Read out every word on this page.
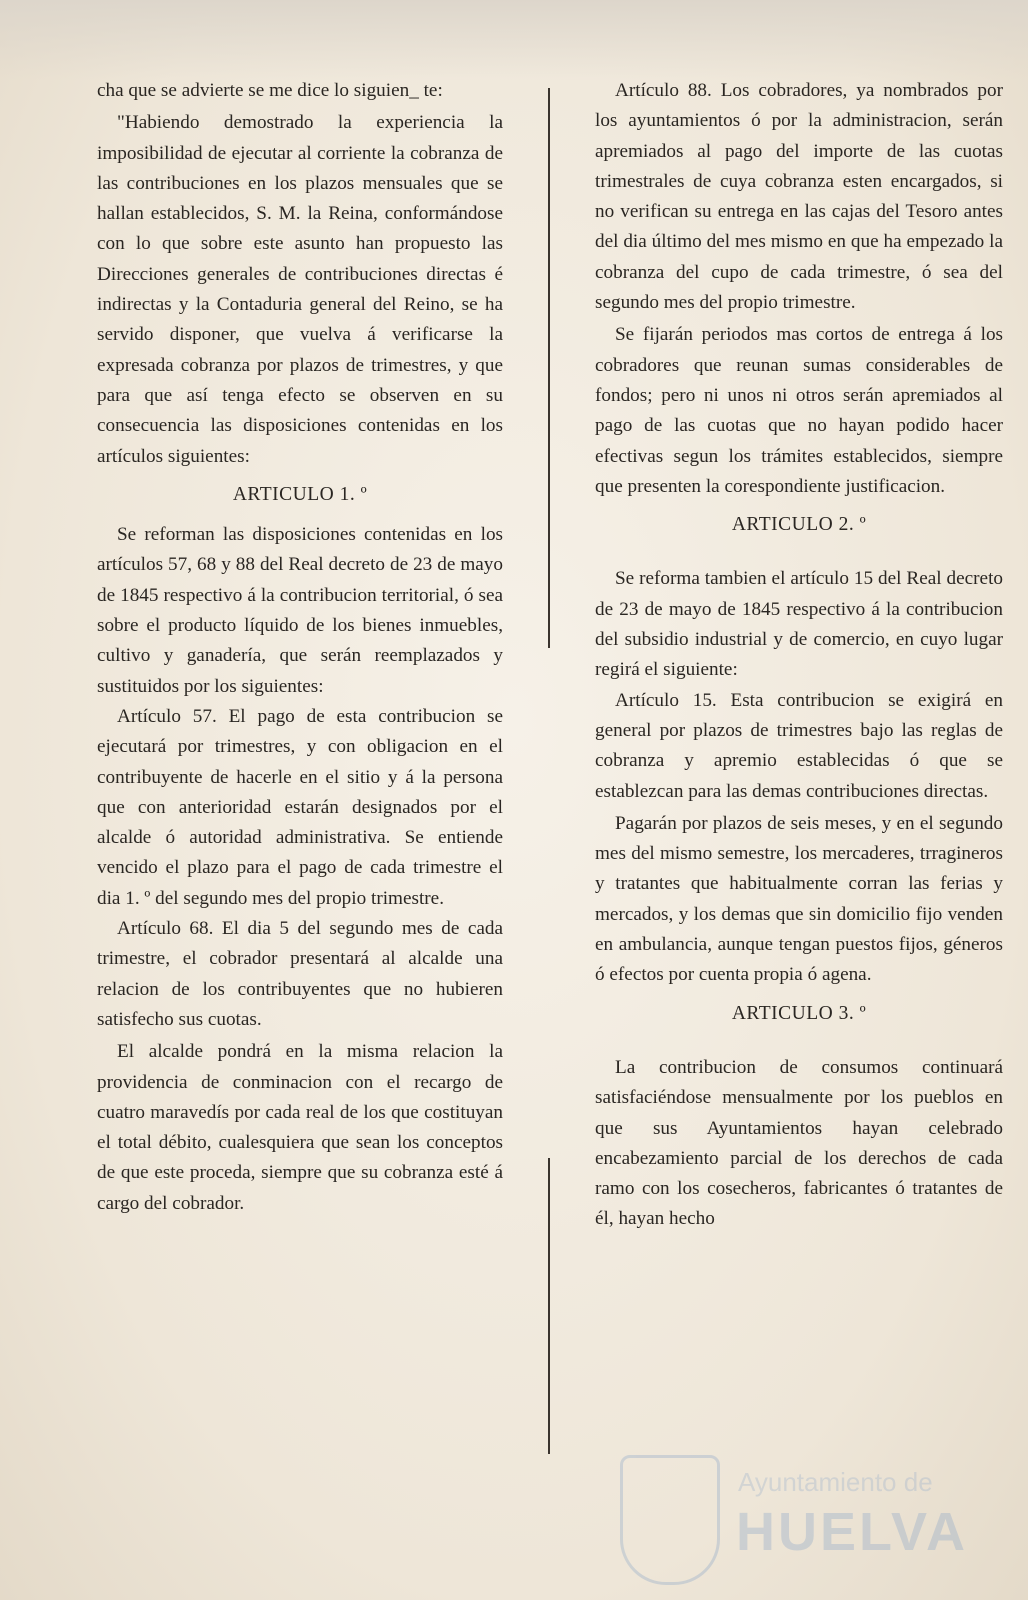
cha que se advierte se me dice lo siguien_ te:

"Habiendo demostrado la experiencia la imposibilidad de ejecutar al corriente la cobranza de las contribuciones en los plazos mensuales que se hallan establecidos, S. M. la Reina, conformándose con lo que sobre este asunto han propuesto las Direcciones generales de contribuciones directas é indirectas y la Contaduria general del Reino, se ha servido disponer, que vuelva á verificarse la expresada cobranza por plazos de trimestres, y que para que así tenga efecto se observen en su consecuencia las disposiciones contenidas en los artículos siguientes:

ARTICULO 1. º

Se reforman las disposiciones contenidas en los artículos 57, 68 y 88 del Real decreto de 23 de mayo de 1845 respectivo á la contribucion territorial, ó sea sobre el producto líquido de los bienes inmuebles, cultivo y ganadería, que serán reemplazados y sustituidos por los siguientes:

Artículo 57. El pago de esta contribucion se ejecutará por trimestres, y con obligacion en el contribuyente de hacerle en el sitio y á la persona que con anterioridad estarán designados por el alcalde ó autoridad administrativa. Se entiende vencido el plazo para el pago de cada trimestre el dia 1. º del segundo mes del propio trimestre.

Artículo 68. El dia 5 del segundo mes de cada trimestre, el cobrador presentará al alcalde una relacion de los contribuyentes que no hubieren satisfecho sus cuotas.

El alcalde pondrá en la misma relacion la providencia de conminacion con el recargo de cuatro maravedís por cada real de los que costituyan el total débito, cualesquiera que sean los conceptos de que este proceda, siempre que su cobranza esté á cargo del cobrador.

Artículo 88. Los cobradores, ya nombrados por los ayuntamientos ó por la administracion, serán apremiados al pago del importe de las cuotas trimestrales de cuya cobranza esten encargados, si no verifican su entrega en las cajas del Tesoro antes del dia último del mes mismo en que ha empezado la cobranza del cupo de cada trimestre, ó sea del segundo mes del propio trimestre.

Se fijarán periodos mas cortos de entrega á los cobradores que reunan sumas considerables de fondos; pero ni unos ni otros serán apremiados al pago de las cuotas que no hayan podido hacer efectivas segun los trámites establecidos, siempre que presenten la corespondiente justificacion.

ARTICULO 2. º

Se reforma tambien el artículo 15 del Real decreto de 23 de mayo de 1845 respectivo á la contribucion del subsidio industrial y de comercio, en cuyo lugar regirá el siguiente:

Artículo 15. Esta contribucion se exigirá en general por plazos de trimestres bajo las reglas de cobranza y apremio establecidas ó que se establezcan para las demas contribuciones directas.

Pagarán por plazos de seis meses, y en el segundo mes del mismo semestre, los mercaderes, trragineros y tratantes que habitualmente corran las ferias y mercados, y los demas que sin domicilio fijo venden en ambulancia, aunque tengan puestos fijos, géneros ó efectos por cuenta propia ó agena.

ARTICULO 3. º

La contribucion de consumos continuará satisfaciéndose mensualmente por los pueblos en que sus Ayuntamientos hayan celebrado encabezamiento parcial de los derechos de cada ramo con los cosecheros, fabricantes ó tratantes de él, hayan hecho

Ayuntamiento de
HUELVA
